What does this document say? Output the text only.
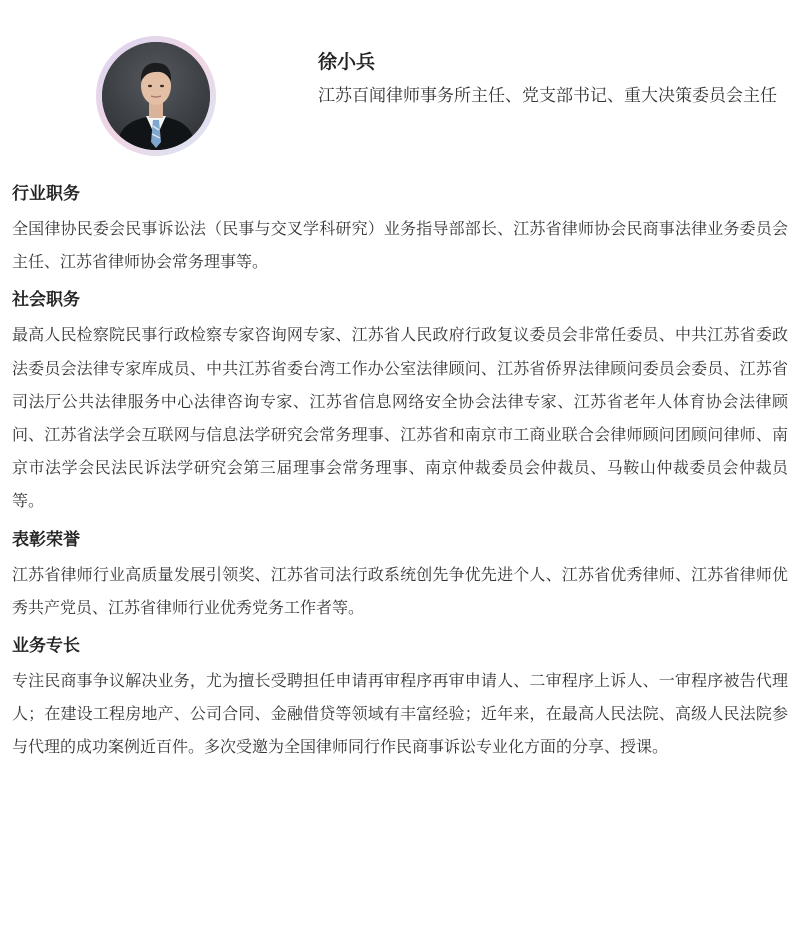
徐小兵

江苏百闻律师事务所主任、党支部书记、重大决策委员会主任

行业职务

全国律协民委会民事诉讼法（民事与交叉学科研究）业务指导部部长、江苏省律师协会民商事法律业务委员会主任、江苏省律师协会常务理事等。

社会职务

最高人民检察院民事行政检察专家咨询网专家、江苏省人民政府行政复议委员会非常任委员、中共江苏省委政法委员会法律专家库成员、中共江苏省委台湾工作办公室法律顾问、江苏省侨界法律顾问委员会委员、江苏省司法厅公共法律服务中心法律咨询专家、江苏省信息网络安全协会法律专家、江苏省老年人体育协会法律顾问、江苏省法学会互联网与信息法学研究会常务理事、江苏省和南京市工商业联合会律师顾问团顾问律师、南京市法学会民法民诉法学研究会第三届理事会常务理事、南京仲裁委员会仲裁员、马鞍山仲裁委员会仲裁员等。

表彰荣誉

江苏省律师行业高质量发展引领奖、江苏省司法行政系统创先争优先进个人、江苏省优秀律师、江苏省律师优秀共产党员、江苏省律师行业优秀党务工作者等。

业务专长

专注民商事争议解决业务，尤为擅长受聘担任申请再审程序再审申请人、二审程序上诉人、一审程序被告代理人；在建设工程房地产、公司合同、金融借贷等领域有丰富经验；近年来，在最高人民法院、高级人民法院参与代理的成功案例近百件。多次受邀为全国律师同行作民商事诉讼专业化方面的分享、授课。
